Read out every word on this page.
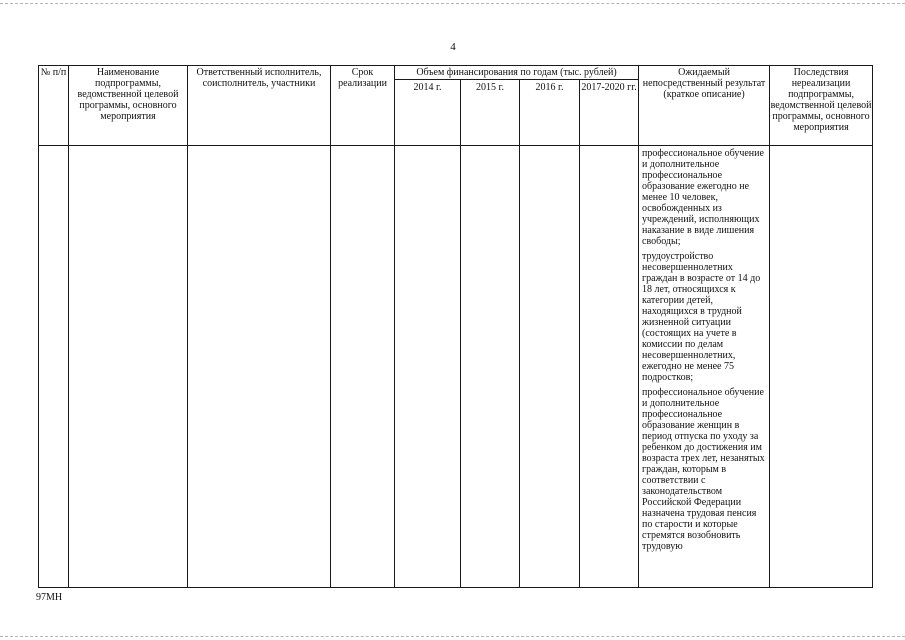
4
№ п/п	Наименование подпрограммы, ведомственной целевой программы, основного мероприятия	Ответственный исполнитель, соисполнитель, участники	Срок реализации	Объем финансирования по годам (тыс. рублей)				Ожидаемый непосредственный результат (краткое описание)	Последствия нереализации подпрограммы, ведомственной целевой программы, основного мероприятия
				2014 г.	2015 г.	2016 г.	2017-2020 гг.		

								профессиональное обучение и дополнительное профессиональное образование ежегодно не менее 10 человек, освобожденных из учреждений, исполняющих наказание в виде лишения свободы;
трудоустройство несовершеннолетних граждан в возрасте от 14 до 18 лет, относящихся к категории детей, находящихся в трудной жизненной ситуации (состоящих на учете в комиссии по делам несовершеннолетних, ежегодно не менее 75 подростков;
профессиональное обучение и дополнительное профессиональное образование женщин в период отпуска по уходу за ребенком до достижения им возраста трех лет, незанятых граждан, которым в соответствии с законодательством Российской Федерации назначена трудовая пенсия по старости и которые стремятся возобновить трудовую	

97МН
